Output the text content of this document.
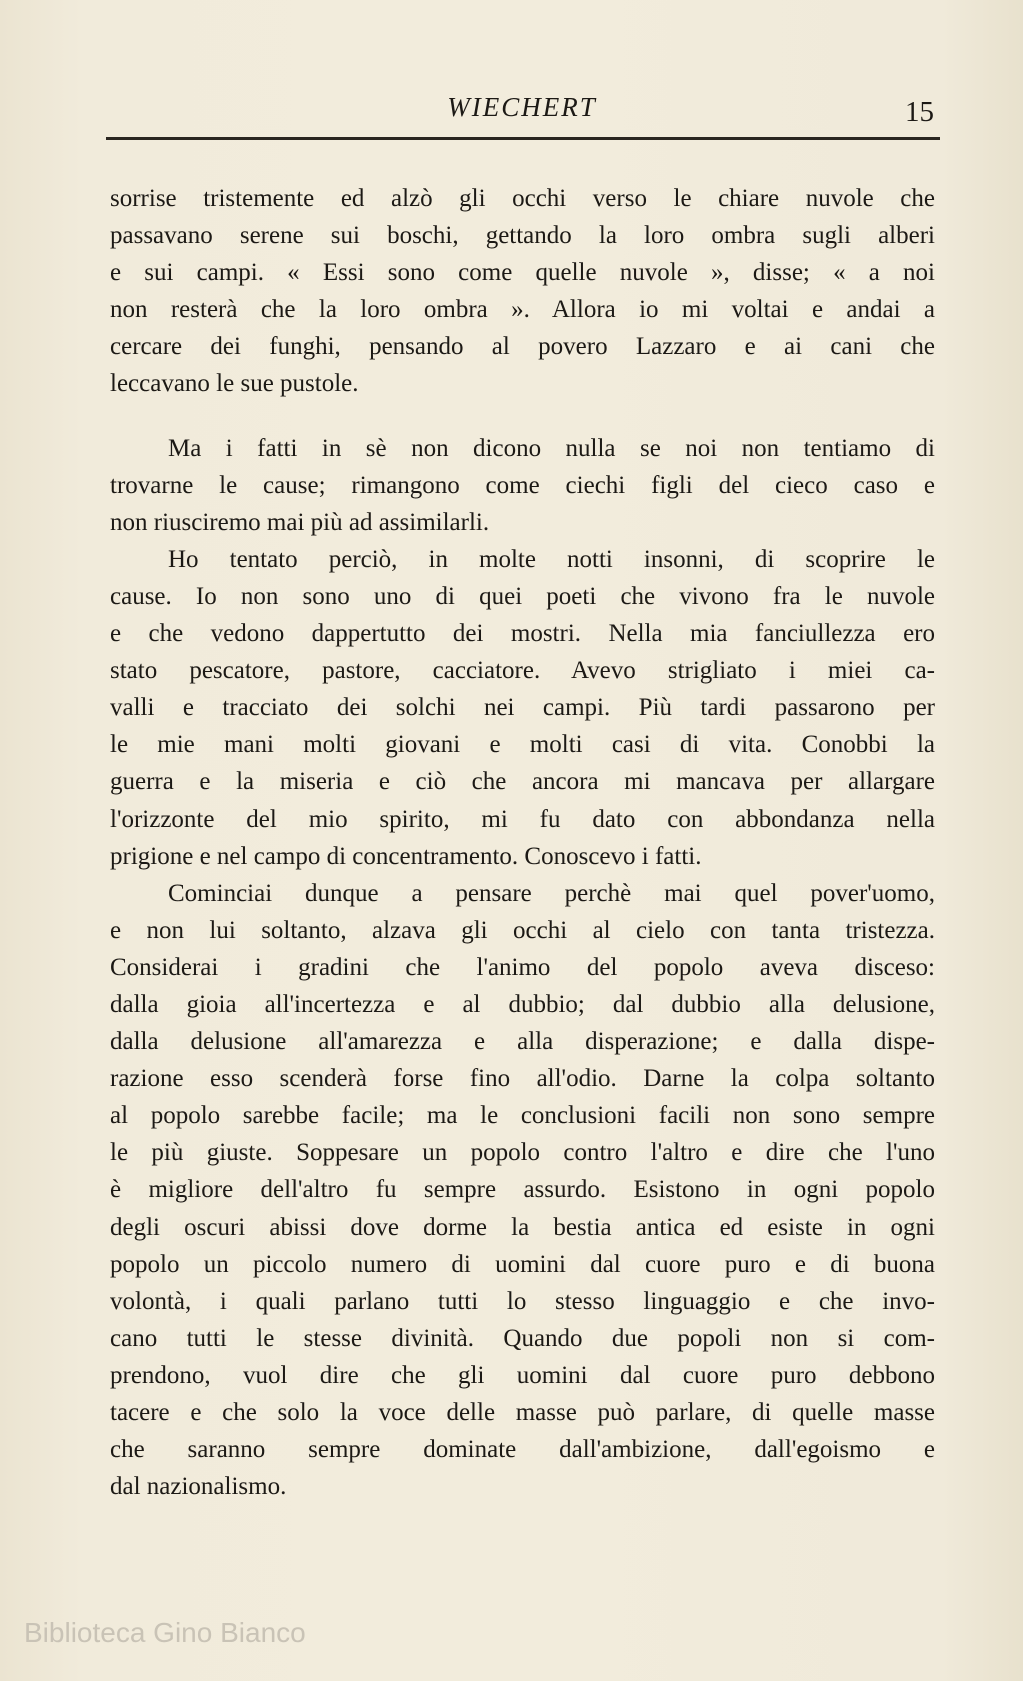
WIECHERT	15
sorrise tristemente ed alzò gli occhi verso le chiare nuvole che
passavano serene sui boschi, gettando la loro ombra sugli alberi
e sui campi. « Essi sono come quelle nuvole », disse; « a noi
non resterà che la loro ombra ». Allora io mi voltai e andai a
cercare dei funghi, pensando al povero Lazzaro e ai cani che
leccavano le sue pustole.
Ma i fatti in sè non dicono nulla se noi non tentiamo di
trovarne le cause; rimangono come ciechi figli del cieco caso e
non riusciremo mai più ad assimilarli.
Ho tentato perciò, in molte notti insonni, di scoprire le
cause. Io non sono uno di quei poeti che vivono fra le nuvole
e che vedono dappertutto dei mostri. Nella mia fanciullezza ero
stato pescatore, pastore, cacciatore. Avevo strigliato i miei ca-
valli e tracciato dei solchi nei campi. Più tardi passarono per
le mie mani molti giovani e molti casi di vita. Conobbi la
guerra e la miseria e ciò che ancora mi mancava per allargare
l'orizzonte del mio spirito, mi fu dato con abbondanza nella
prigione e nel campo di concentramento. Conoscevo i fatti.
Cominciai dunque a pensare perchè mai quel pover'uomo,
e non lui soltanto, alzava gli occhi al cielo con tanta tristezza.
Considerai i gradini che l'animo del popolo aveva disceso:
dalla gioia all'incertezza e al dubbio; dal dubbio alla delusione,
dalla delusione all'amarezza e alla disperazione; e dalla dispe-
razione esso scenderà forse fino all'odio. Darne la colpa soltanto
al popolo sarebbe facile; ma le conclusioni facili non sono sempre
le più giuste. Soppesare un popolo contro l'altro e dire che l'uno
è migliore dell'altro fu sempre assurdo. Esistono in ogni popolo
degli oscuri abissi dove dorme la bestia antica ed esiste in ogni
popolo un piccolo numero di uomini dal cuore puro e di buona
volontà, i quali parlano tutti lo stesso linguaggio e che invo-
cano tutti le stesse divinità. Quando due popoli non si com-
prendono, vuol dire che gli uomini dal cuore puro debbono
tacere e che solo la voce delle masse può parlare, di quelle masse
che saranno sempre dominate dall'ambizione, dall'egoismo e
dal nazionalismo.
Biblioteca Gino Bianco
